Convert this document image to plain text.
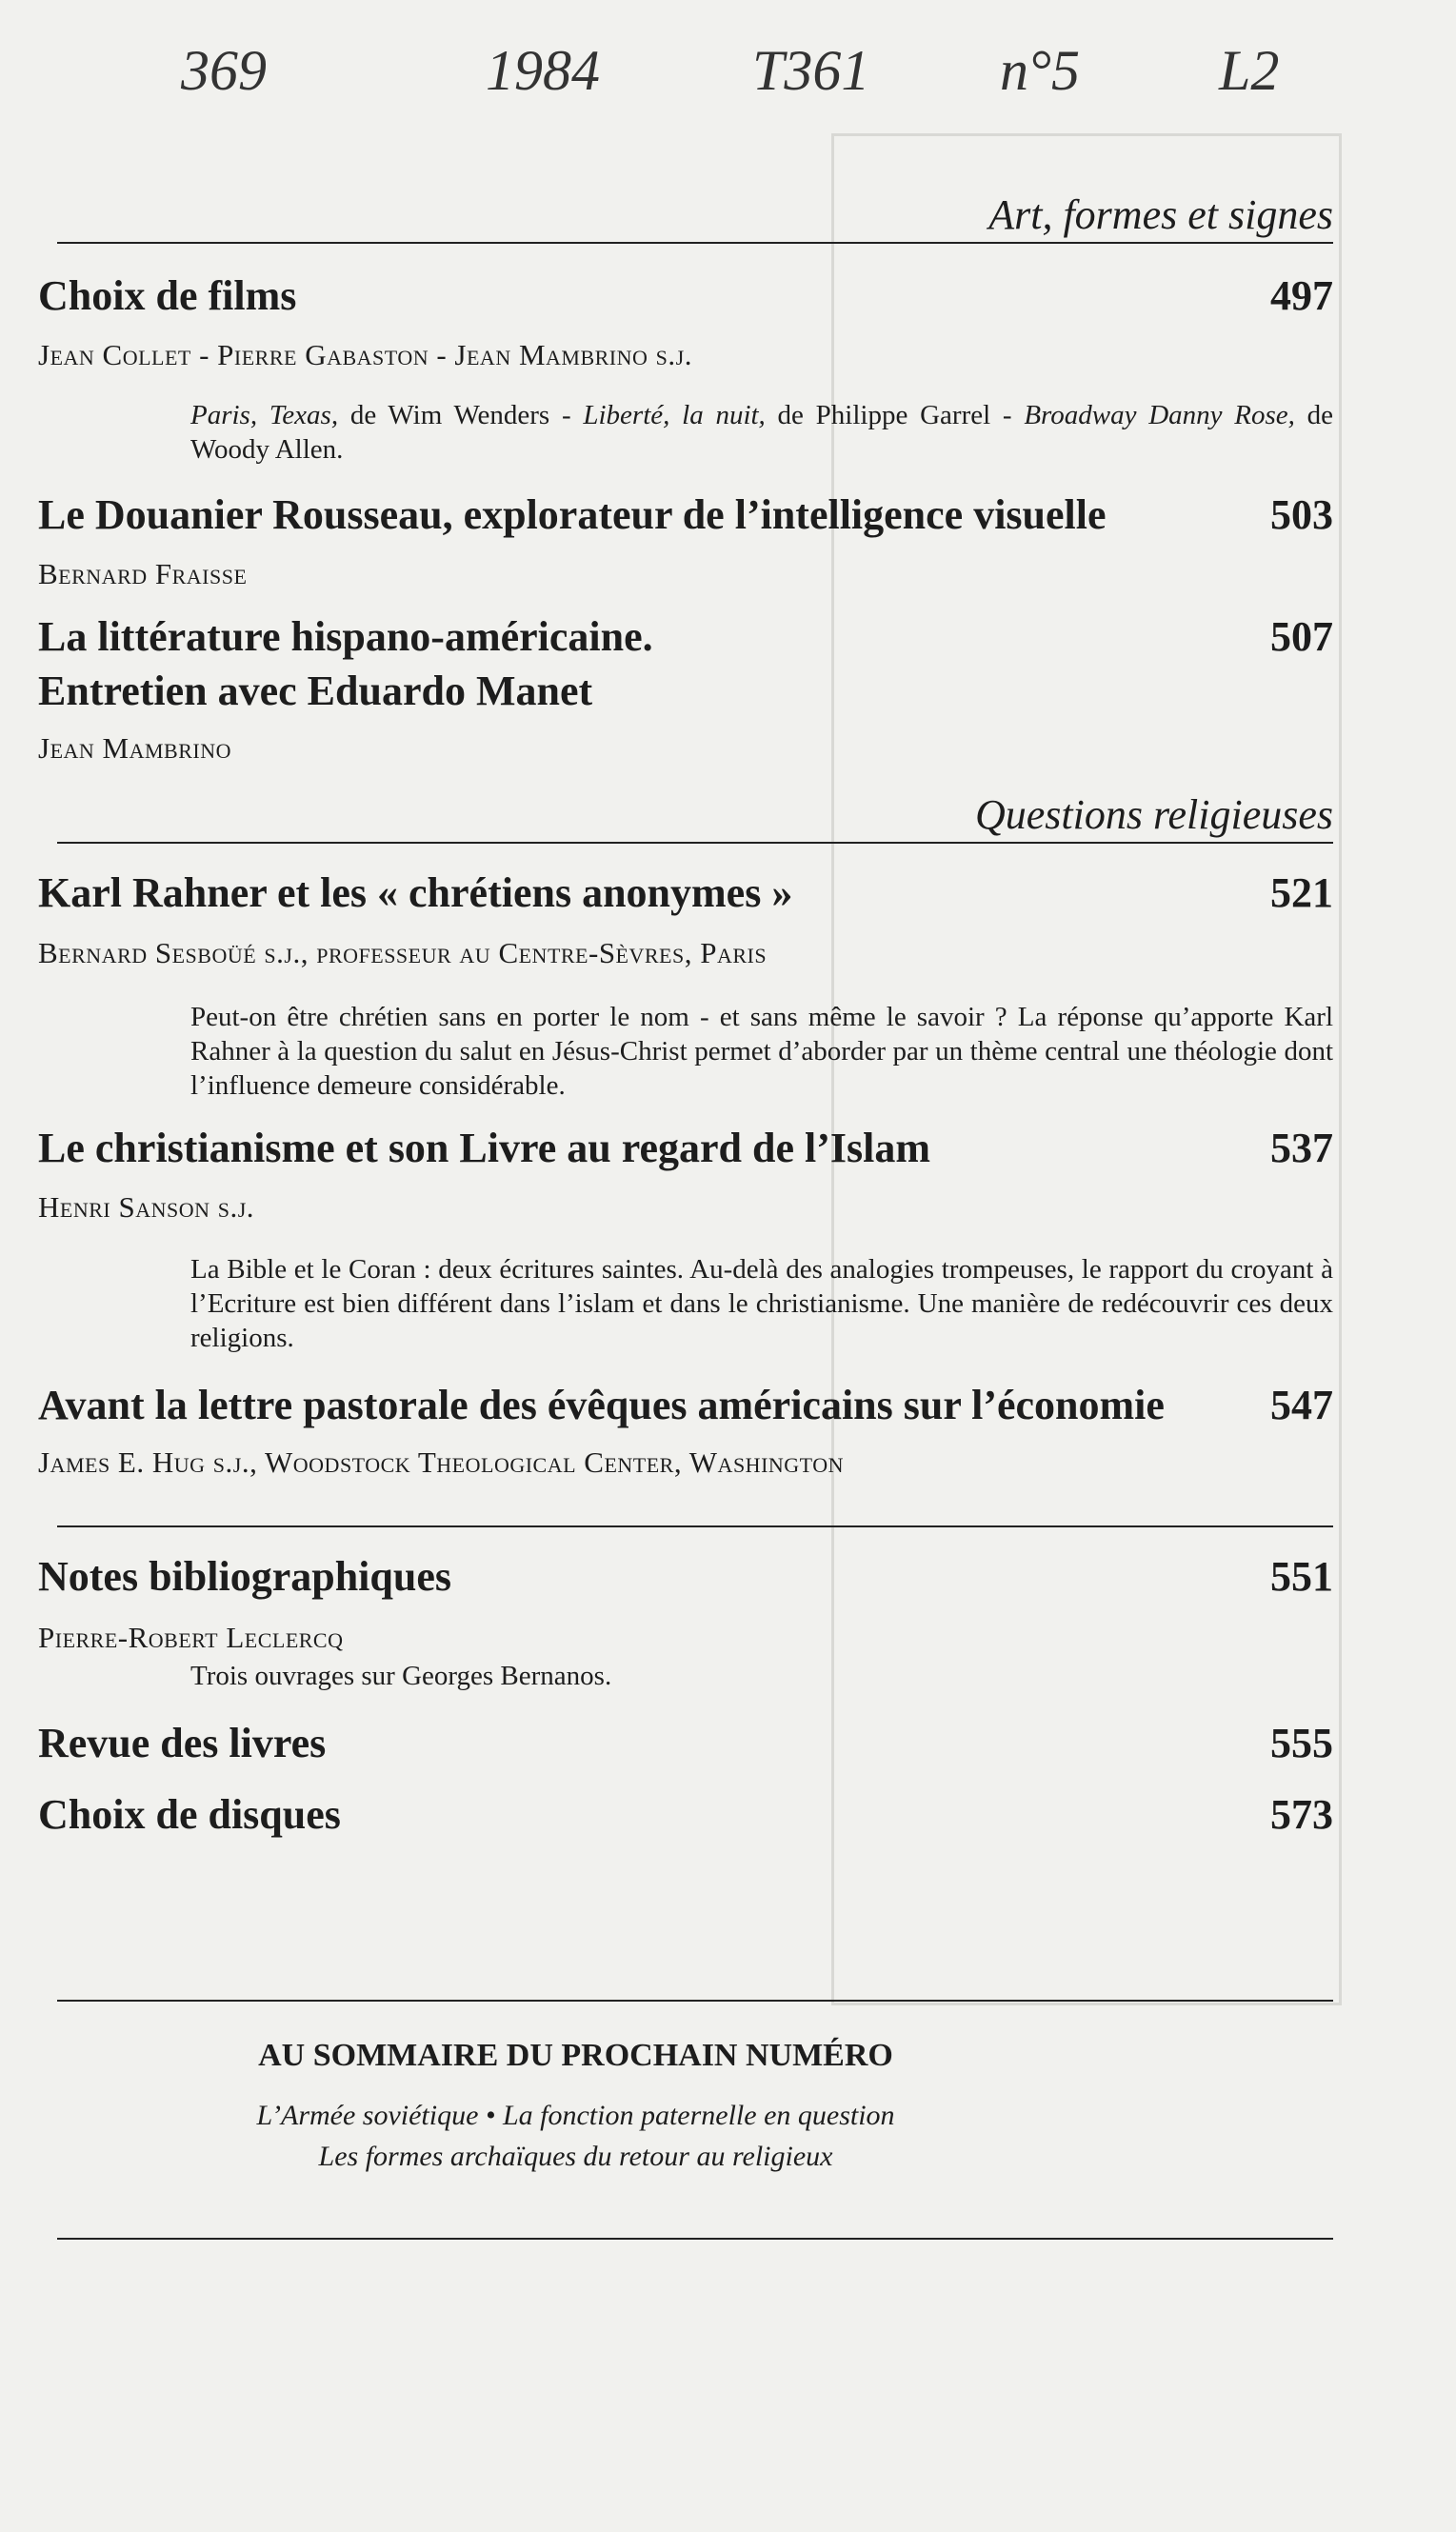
369	1984	T361 n°5 L2
Art, formes et signes
Choix de films	497
Jean Collet - Pierre Gabaston - Jean Mambrino s.j.
Paris, Texas, de Wim Wenders - Liberté, la nuit, de Philippe Garrel - Broadway Danny Rose, de Woody Allen.
Le Douanier Rousseau, explorateur de l’intelligence visuelle	503
Bernard Fraisse
La littérature hispano-américaine.	507
Entretien avec Eduardo Manet
Jean Mambrino
Questions religieuses
Karl Rahner et les « chrétiens anonymes »	521
Bernard Sesboüé s.j., professeur au Centre-Sèvres, Paris
Peut-on être chrétien sans en porter le nom - et sans même le savoir ? La réponse qu’apporte Karl Rahner à la question du salut en Jésus-Christ permet d’aborder par un thème central une théologie dont l’influence demeure considérable.
Le christianisme et son Livre au regard de l’Islam	537
Henri Sanson s.j.
La Bible et le Coran : deux écritures saintes. Au-delà des analogies trompeuses, le rapport du croyant à l’Ecriture est bien différent dans l’islam et dans le christianisme. Une manière de redécouvrir ces deux religions.
Avant la lettre pastorale des évêques américains sur l’économie	547
James E. Hug s.j., Woodstock Theological Center, Washington
Notes bibliographiques	551
Pierre-Robert Leclercq
Trois ouvrages sur Georges Bernanos.
Revue des livres	555
Choix de disques	573
AU SOMMAIRE DU PROCHAIN NUMÉRO
L’Armée soviétique • La fonction paternelle en question
Les formes archaïques du retour au religieux
